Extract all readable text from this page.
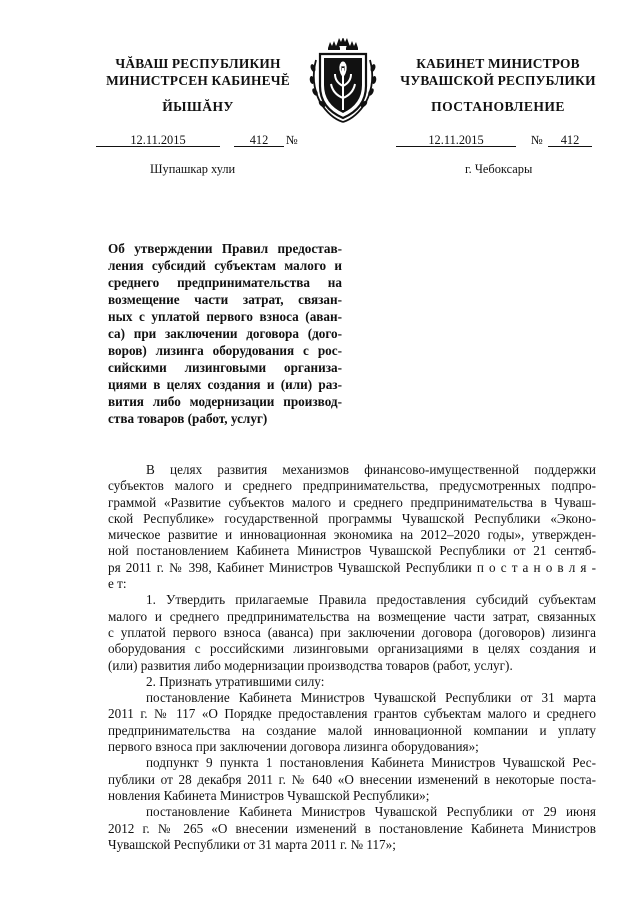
ЧĂВАШ РЕСПУБЛИКИН
МИНИСТРСЕН КАБИНЕЧĔ
ЙЫШĂНУ
КАБИНЕТ МИНИСТРОВ
ЧУВАШСКОЙ РЕСПУБЛИКИ
ПОСТАНОВЛЕНИЕ
12.11.2015	412	№	12.11.2015	№	412
Шупашкар хули	г. Чебоксары
Об утверждении Правил предостав-
ления субсидий субъектам малого и
среднего предпринимательства на
возмещение части затрат, связан-
ных с уплатой первого взноса (аван-
са) при заключении договора (дого-
воров) лизинга оборудования с рос-
сийскими лизинговыми организа-
циями в целях создания и (или) раз-
вития либо модернизации производ-
ства товаров (работ, услуг)
В целях развития механизмов финансово-имущественной поддержки
субъектов малого и среднего предпринимательства, предусмотренных подпро-
граммой «Развитие субъектов малого и среднего предпринимательства в Чуваш-
ской Республике» государственной программы Чувашской Республики «Эконо-
мическое развитие и инновационная экономика на 2012–2020 годы», утвержден-
ной постановлением Кабинета Министров Чувашской Республики от 21 сентяб-
ря 2011 г. № 398, Кабинет Министров Чувашской Республики п о с т а н о в л я -
е т:
1. Утвердить прилагаемые Правила предоставления субсидий субъектам
малого и среднего предпринимательства на возмещение части затрат, связанных
с уплатой первого взноса (аванса) при заключении договора (договоров) лизинга
оборудования с российскими лизинговыми организациями в целях создания и
(или) развития либо модернизации производства товаров (работ, услуг).
2. Признать утратившими силу:
постановление Кабинета Министров Чувашской Республики от 31 марта
2011 г. № 117 «О Порядке предоставления грантов субъектам малого и среднего
предпринимательства на создание малой инновационной компании и уплату
первого взноса при заключении договора лизинга оборудования»;
подпункт 9 пункта 1 постановления Кабинета Министров Чувашской Рес-
публики от 28 декабря 2011 г. № 640 «О внесении изменений в некоторые поста-
новления Кабинета Министров Чувашской Республики»;
постановление Кабинета Министров Чувашской Республики от 29 июня
2012 г. № 265 «О внесении изменений в постановление Кабинета Министров
Чувашской Республики от 31 марта 2011 г. № 117»;
